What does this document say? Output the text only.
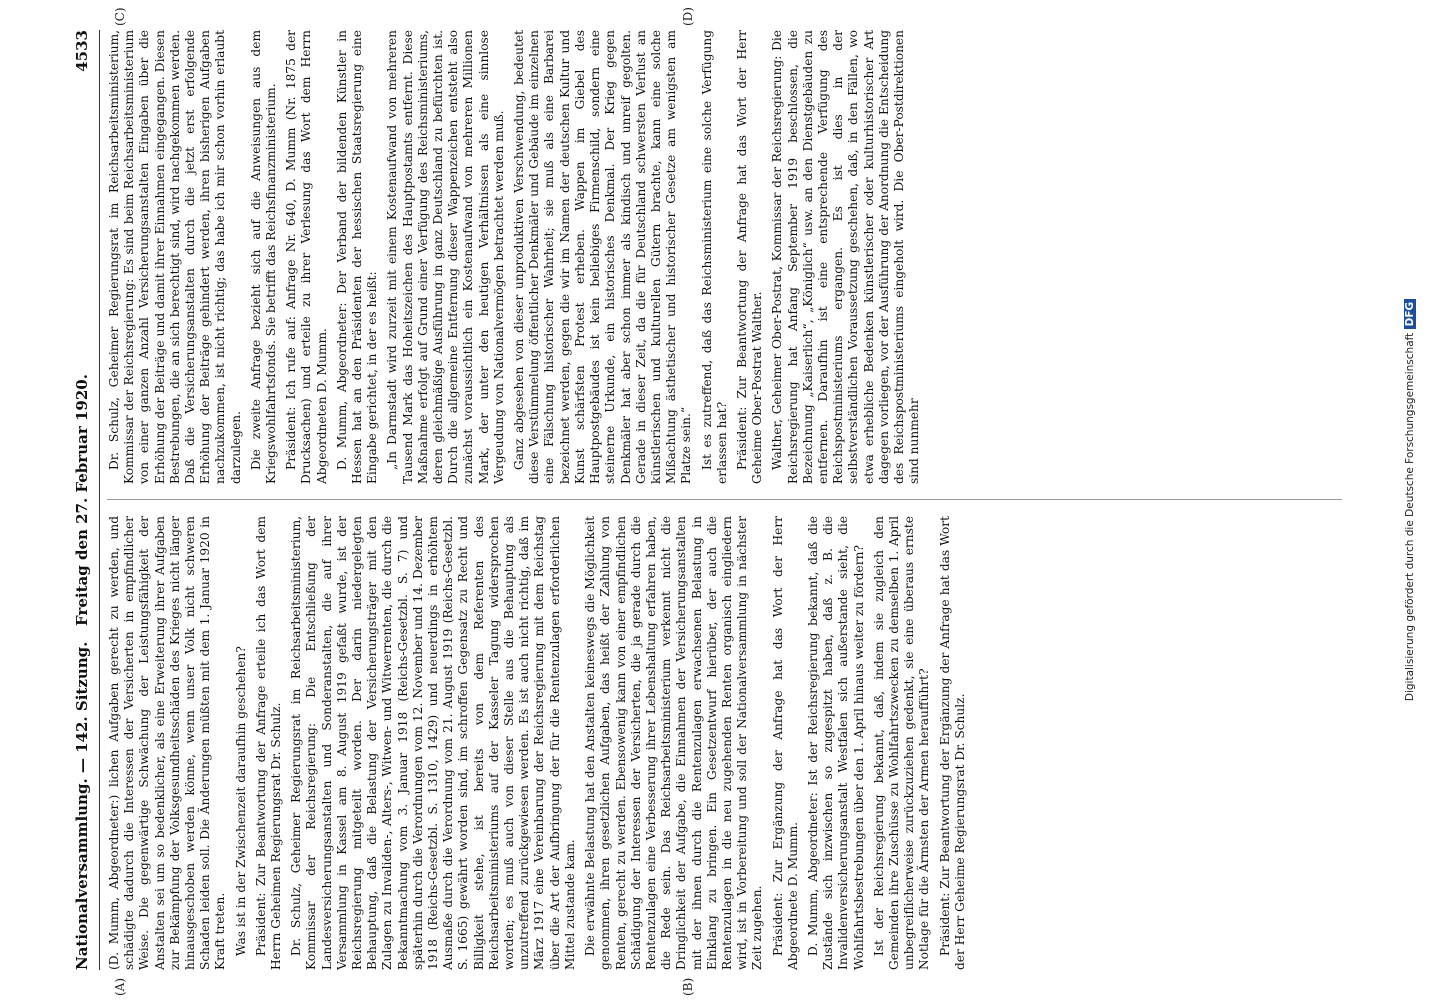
Nationalversammlung. — 142. Sitzung.
Freitag den 27. Februar 1920.
4533
(A)	(B)
(C)	(D)

(D. Mumm, Abgeordneter:) lichen Aufgaben gerecht zu werden, und schädigte dadurch die Interessen der Versicherten in empfindlicher Weise. Die gegenwärtige Schwächung der Leistungsfähigkeit der Anstalten sei um so bedenklicher, als eine Erweiterung ihrer Aufgaben zur Bekämpfung der Volksgesundheitsschäden des Krieges nicht länger hinausgeschoben werden könne, wenn unser Volk nicht schweren Schaden leiden soll. Die Änderungen müßten mit dem 1. Januar 1920 in Kraft treten. Was ist in der Zwischenzeit daraufhin geschehen? Präsident: Zur Beantwortung der Anfrage erteile ich das Wort dem Herrn Geheimen Regierungsrat Dr. Schulz. Dr. Schulz, Geheimer Regierungsrat im Reichsarbeitsministerium, Kommissar der Reichsregierung: Die Entschließung der Landesversicherungsanstalten und Sonderanstalten, die auf ihrer Versammlung in Kassel am 8. August 1919 gefaßt wurde, ist der Reichsregierung mitgeteilt worden. Der darin niedergelegten Behauptung, daß die Belastung der Versicherungsträger mit den Zulagen zu Invaliden-, Alters-, Witwen- und Witwerrenten, die durch die Bekanntmachung vom 3. Januar 1918 (Reichs-Gesetzbl. S. 7) und späterhin durch die Verordnungen vom 12. November und 14. Dezember 1918 (Reichs-Gesetzbl. S. 1310, 1429) und neuerdings in erhöhtem Ausmaße durch die Verordnung vom 21. August 1919 (Reichs-Gesetzbl. S. 1665) gewährt worden sind, im schroffen Gegensatz zu Recht und Billigkeit stehe, ist bereits von dem Referenten des Reichsarbeitsministeriums auf der Kasseler Tagung widersprochen worden; es muß auch von dieser Stelle aus die Behauptung als unzutreffend zurückgewiesen werden. Es ist auch nicht richtig, daß im März 1917 eine Vereinbarung der Reichsregierung mit dem Reichstag über die Art der Aufbringung der für die Rentenzulagen erforderlichen Mittel zustande kam. Die erwähnte Belastung hat den Anstalten keineswegs die Möglichkeit genommen, ihren gesetzlichen Aufgaben, das heißt der Zahlung von Renten, gerecht zu werden. Ebensowenig kann von einer empfindlichen Schädigung der Interessen der Versicherten, die ja gerade durch die Rentenzulagen eine Verbesserung ihrer Lebenshaltung erfahren haben, die Rede sein. Das Reichsarbeitsministerium verkennt nicht die Dringlichkeit der Aufgabe, die Einnahmen der Versicherungsanstalten mit der ihnen durch die Rentenzulagen erwachsenen Belastung in Einklang zu bringen. Ein Gesetzentwurf hierüber, der auch die Rentenzulagen in die neu zugehenden Renten organisch eingliedern wird, ist in Vorbereitung und soll der Nationalversammlung in nächster Zeit zugehen. Präsident: Zur Ergänzung der Anfrage hat das Wort der Herr Abgeordnete D. Mumm. D. Mumm, Abgeordneter: Ist der Reichsregierung bekannt, daß die Zustände sich inzwischen so zugespitzt haben, daß z. B. die Invalidenversicherungsanstalt Westfalen sich außerstande sieht, die Wohlfahrtsbestrebungen über den 1. April hinaus weiter zu fördern? Ist der Reichsregierung bekannt, daß, indem sie zugleich den Gemeinden ihre Zuschüsse zu Wohlfahrtszwecken zu demselben 1. April unbegreiflicherweise zurückzuziehen gedenkt, sie eine überaus ernste Notlage für die Ärmsten der Armen heraufführt? Präsident: Zur Beantwortung der Ergänzung der Anfrage hat das Wort der Herr Geheime Regierungsrat Dr. Schulz.

Dr. Schulz, Geheimer Regierungsrat im Reichsarbeitsministerium, Kommissar der Reichsregierung: Es sind beim Reichsarbeitsministerium von einer ganzen Anzahl Versicherungsanstalten Eingaben über die Erhöhung der Beiträge und damit ihrer Einnahmen eingegangen. Diesen Bestrebungen, die an sich berechtigt sind, wird nachgekommen werden. Daß die Versicherungsanstalten durch die jetzt erst erfolgende Erhöhung der Beiträge gehindert werden, ihren bisherigen Aufgaben nachzukommen, ist nicht richtig; das habe ich mir schon vorhin erlaubt darzulegen. Die zweite Anfrage bezieht sich auf die Anweisungen aus dem Kriegswohlfahrtsfonds. Sie betrifft das Reichsfinanzministerium. Präsident: Ich rufe auf: Anfrage Nr. 640, D. Mumm (Nr. 1875 der Drucksachen) und erteile zu ihrer Verlesung das Wort dem Herrn Abgeordneten D. Mumm. D. Mumm, Abgeordneter: Der Verband der bildenden Künstler in Hessen hat an den Präsidenten der hessischen Staatsregierung eine Eingabe gerichtet, in der es heißt: „In Darmstadt wird zurzeit mit einem Kostenaufwand von mehreren Tausend Mark das Hoheitszeichen des Hauptpostamts entfernt. Diese Maßnahme erfolgt auf Grund einer Verfügung des Reichsministeriums, deren gleichmäßige Ausführung in ganz Deutschland zu befürchten ist. Durch die allgemeine Entfernung dieser Wappenzeichen entsteht also zunächst voraussichtlich ein Kostenaufwand von mehreren Millionen Mark, der unter den heutigen Verhältnissen als eine sinnlose Vergeudung von Nationalvermögen betrachtet werden muß. Ganz abgesehen von dieser unproduktiven Verschwendung, bedeutet diese Verstümmelung öffentlicher Denkmäler und Gebäude im einzelnen eine Fälschung historischer Wahrheit; sie muß als eine Barbarei bezeichnet werden, gegen die wir im Namen der deutschen Kultur und Kunst schärfsten Protest erheben. Wappen im Giebel des Hauptpostgebäudes ist kein beliebiges Firmenschild, sondern eine steinerne Urkunde, ein historisches Denkmal. Der Krieg gegen Denkmäler hat aber schon immer als kindisch und unreif gegolten. Gerade in dieser Zeit, da die für Deutschland schwersten Verlust an künstlerischen und kulturellen Gütern brachte, kann eine solche Mißachtung ästhetischer und historischer Gesetze am wenigsten am Platze sein.“ Ist es zutreffend, daß das Reichsministerium eine solche Verfügung erlassen hat? Präsident: Zur Beantwortung der Anfrage hat das Wort der Herr Geheime Ober-Postrat Walther. Walther, Geheimer Ober-Postrat, Kommissar der Reichsregierung: Die Reichsregierung hat Anfang September 1919 beschlossen, die Bezeichnung „Kaiserlich“, „Königlich“ usw. an den Dienstgebäuden zu entfernen. Daraufhin ist eine entsprechende Verfügung des Reichspostministeriums ergangen. Es ist dies in der selbstverständlichen Voraussetzung geschehen, daß, in den Fällen, wo etwa erhebliche Bedenken künstlerischer oder kulturhistorischer Art dagegen vorliegen, vor der Ausführung der Anordnung die Entscheidung des Reichspostministeriums eingeholt wird. Die Ober-Postdirektionen sind nunmehr	Digitalisierung gefördert durch die Deutsche Forschungsgemeinschaft DFG
